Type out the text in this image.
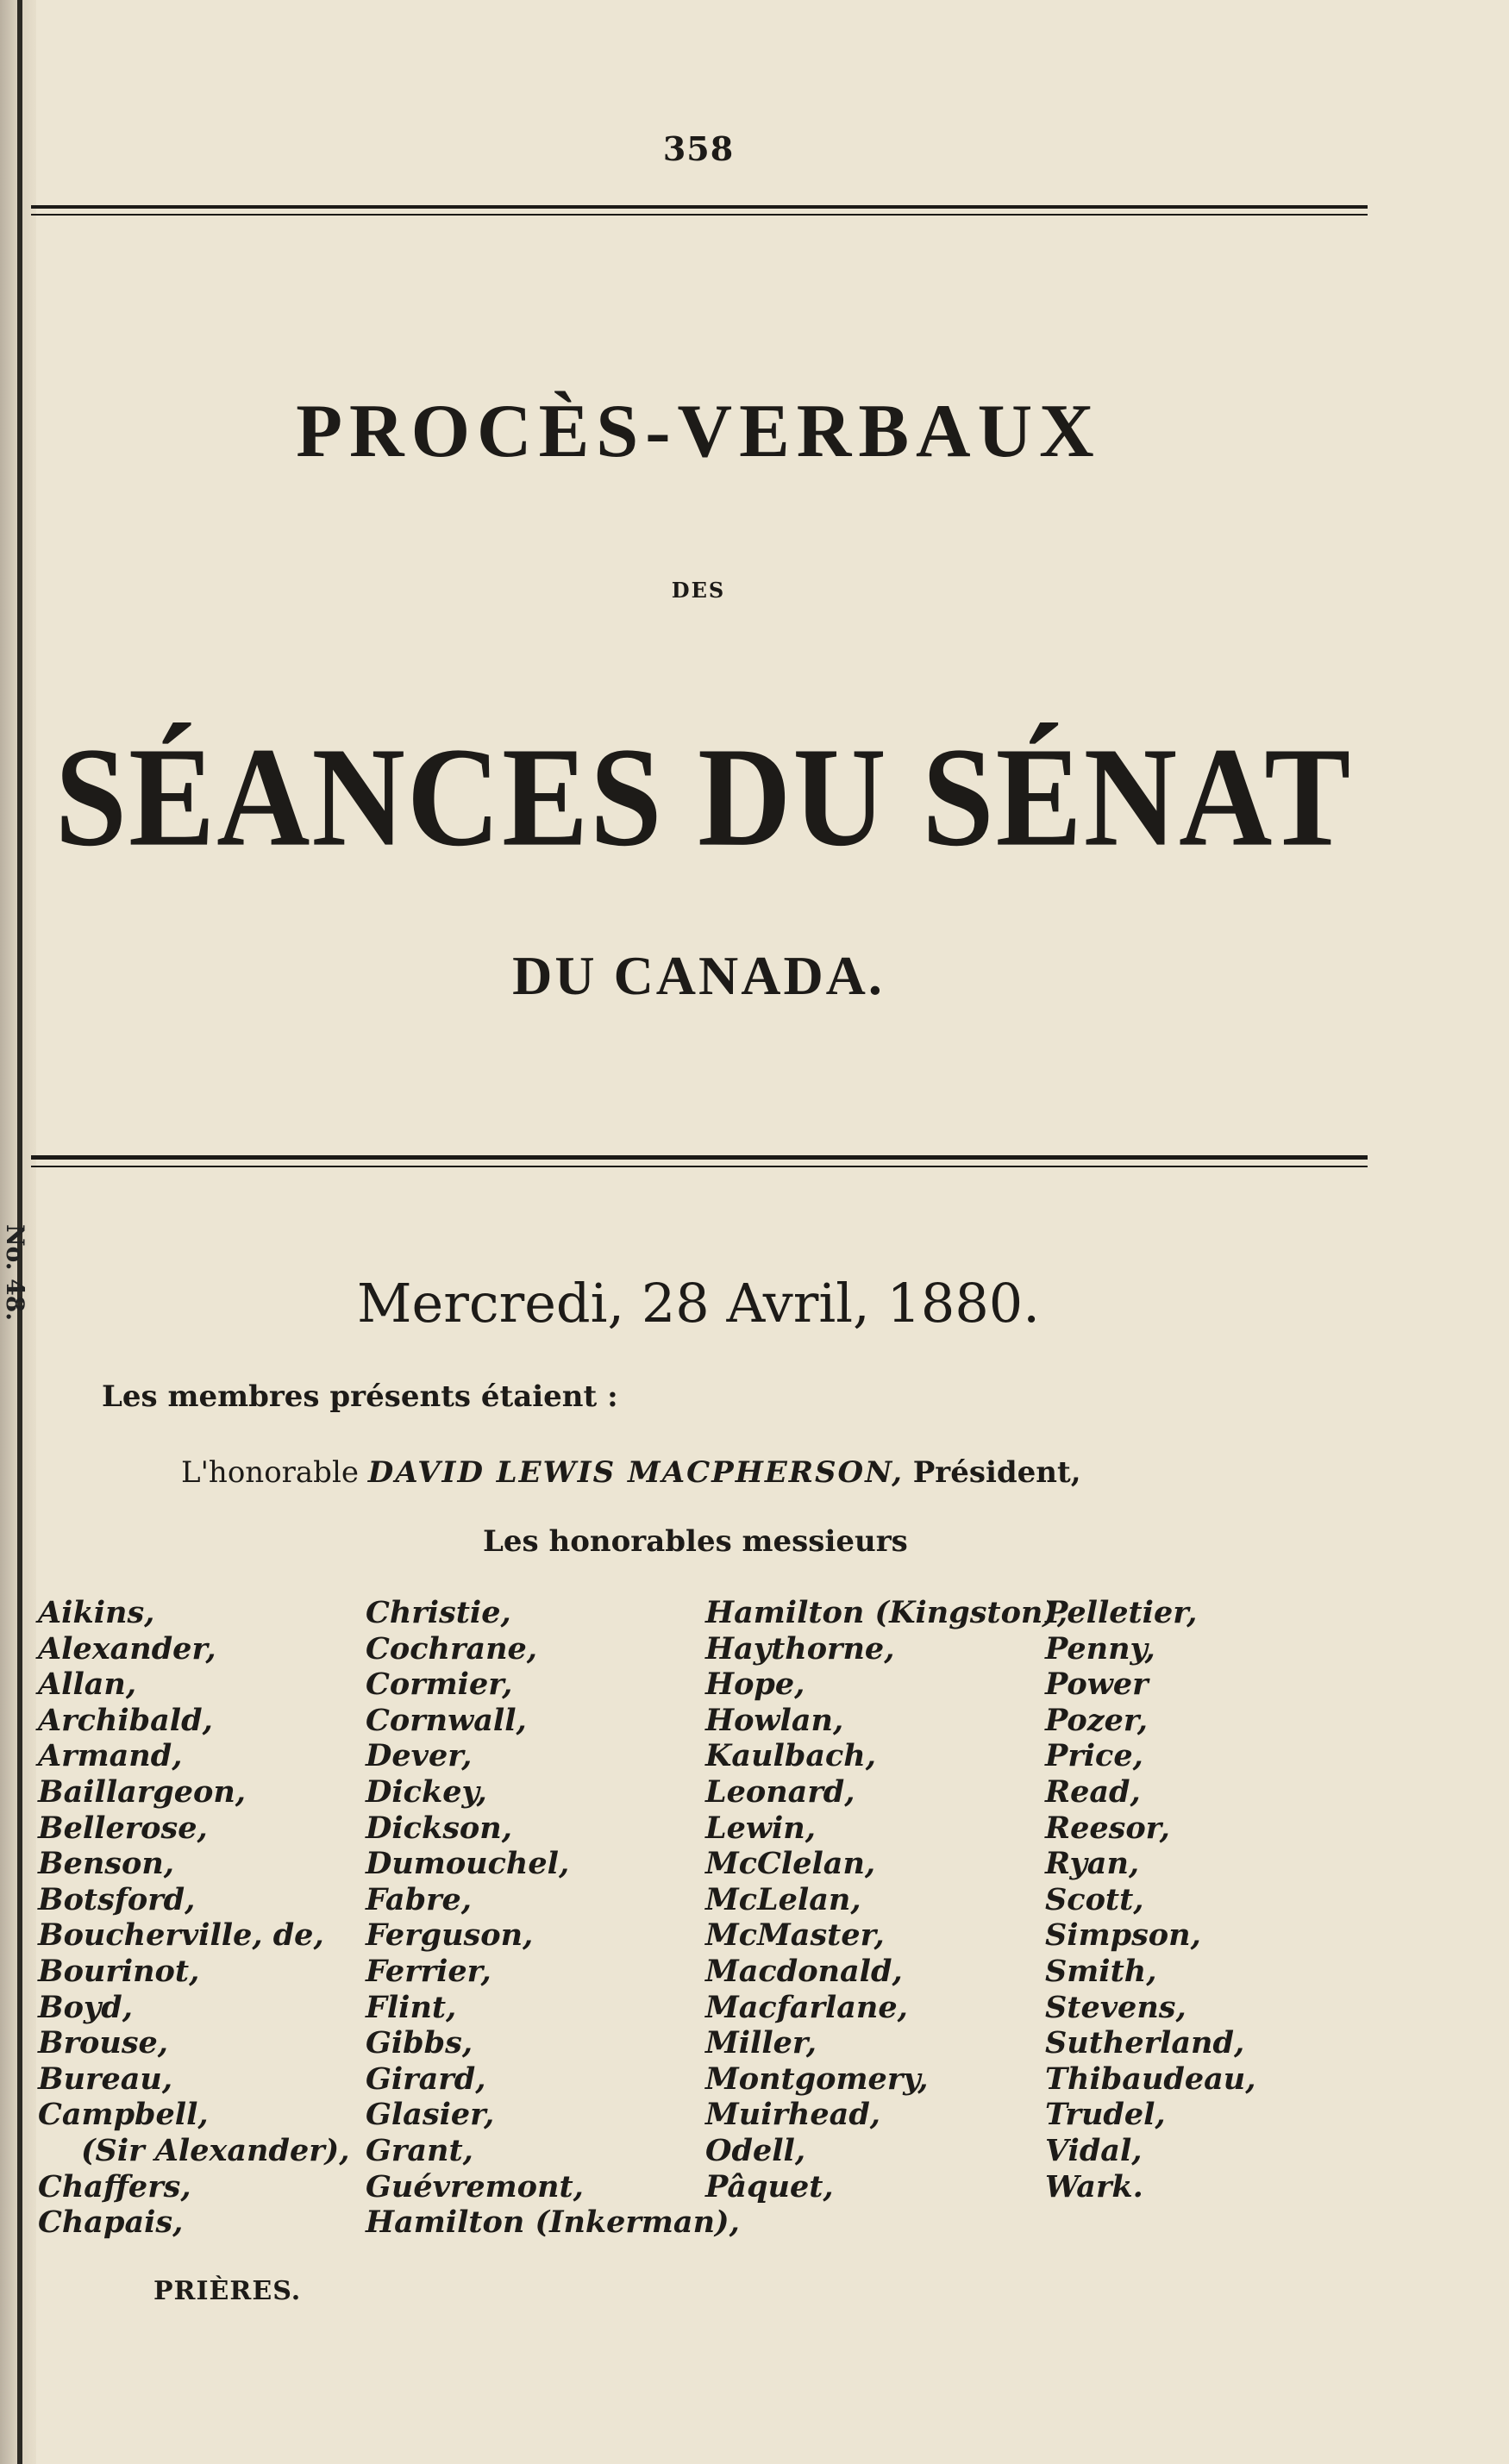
No. 48.
358
PROCÈS-VERBAUX
DES
SÉANCES DU SÉNAT
DU CANADA.
Mercredi, 28 Avril, 1880.
Les membres présents étaient :
L'honorable DAVID LEWIS MACPHERSON, Président,
Les honorables messieurs
Aikins,
Alexander,
Allan,
Archibald,
Armand,
Baillargeon,
Bellerose,
Benson,
Botsford,
Boucherville, de,
Bourinot,
Boyd,
Brouse,
Bureau,
Campbell,
(Sir Alexander),
Chaffers,
Chapais,
Christie,
Cochrane,
Cormier,
Cornwall,
Dever,
Dickey,
Dickson,
Dumouchel,
Fabre,
Ferguson,
Ferrier,
Flint,
Gibbs,
Girard,
Glasier,
Grant,
Guévremont,
Hamilton (Inkerman),
Hamilton (Kingston),
Haythorne,
Hope,
Howlan,
Kaulbach,
Leonard,
Lewin,
McClelan,
McLelan,
McMaster,
Macdonald,
Macfarlane,
Miller,
Montgomery,
Muirhead,
Odell,
Pâquet,
Pelletier,
Penny,
Power
Pozer,
Price,
Read,
Reesor,
Ryan,
Scott,
Simpson,
Smith,
Stevens,
Sutherland,
Thibaudeau,
Trudel,
Vidal,
Wark.
PRIÈRES.
